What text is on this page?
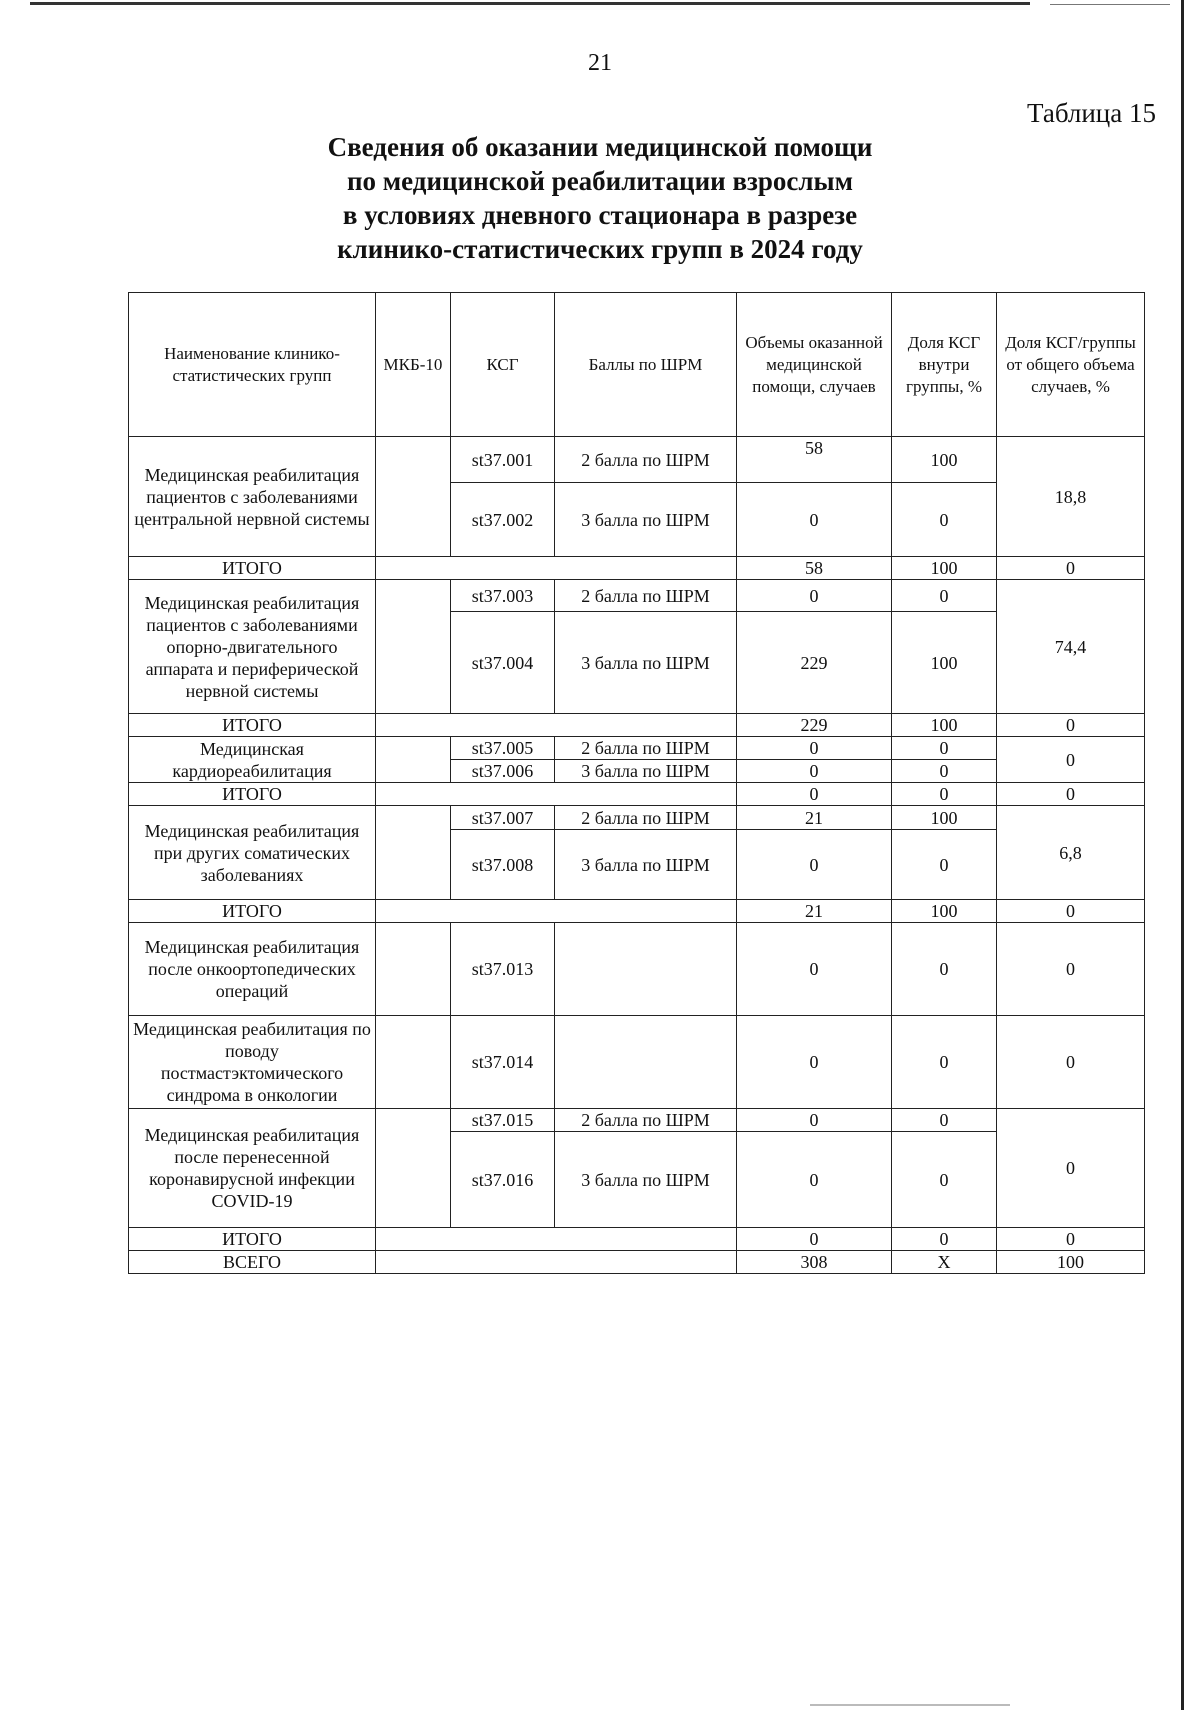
21
Таблица 15
Сведения об оказании медицинской помощи
по медицинской реабилитации взрослым
в условиях дневного стационара в разрезе
клинико-статистических групп в 2024 году
Наименование клинико-статистических групп	МКБ-10	КСГ	Баллы по ШРМ	Объемы оказанной медицинской помощи, случаев	Доля КСГ внутри группы, %	Доля КСГ/группы от общего объема случаев, %
Медицинская реабилитация пациентов с заболеваниями центральной нервной системы		st37.001	2 балла по ШРМ	58	100	18,8
		st37.002	3 балла по ШРМ	0	0	
ИТОГО				58	100	0
Медицинская реабилитация пациентов с заболеваниями опорно-двигательного аппарата и периферической нервной системы		st37.003	2 балла по ШРМ	0	0	74,4
		st37.004	3 балла по ШРМ	229	100	
ИТОГО				229	100	0
Медицинская кардиореабилитация		st37.005	2 балла по ШРМ	0	0	0
		st37.006	3 балла по ШРМ	0	0	
ИТОГО				0	0	0
Медицинская реабилитация при других соматических заболеваниях		st37.007	2 балла по ШРМ	21	100	6,8
		st37.008	3 балла по ШРМ	0	0	
ИТОГО				21	100	0
Медицинская реабилитация после онкоортопедических операций		st37.013		0	0	0
Медицинская реабилитация по поводу постмастэктомического синдрома в онкологии		st37.014		0	0	0
Медицинская реабилитация после перенесенной коронавирусной инфекции COVID-19		st37.015	2 балла по ШРМ	0	0	0
		st37.016	3 балла по ШРМ	0	0	
ИТОГО				0	0	0
ВСЕГО				308	Х	100
